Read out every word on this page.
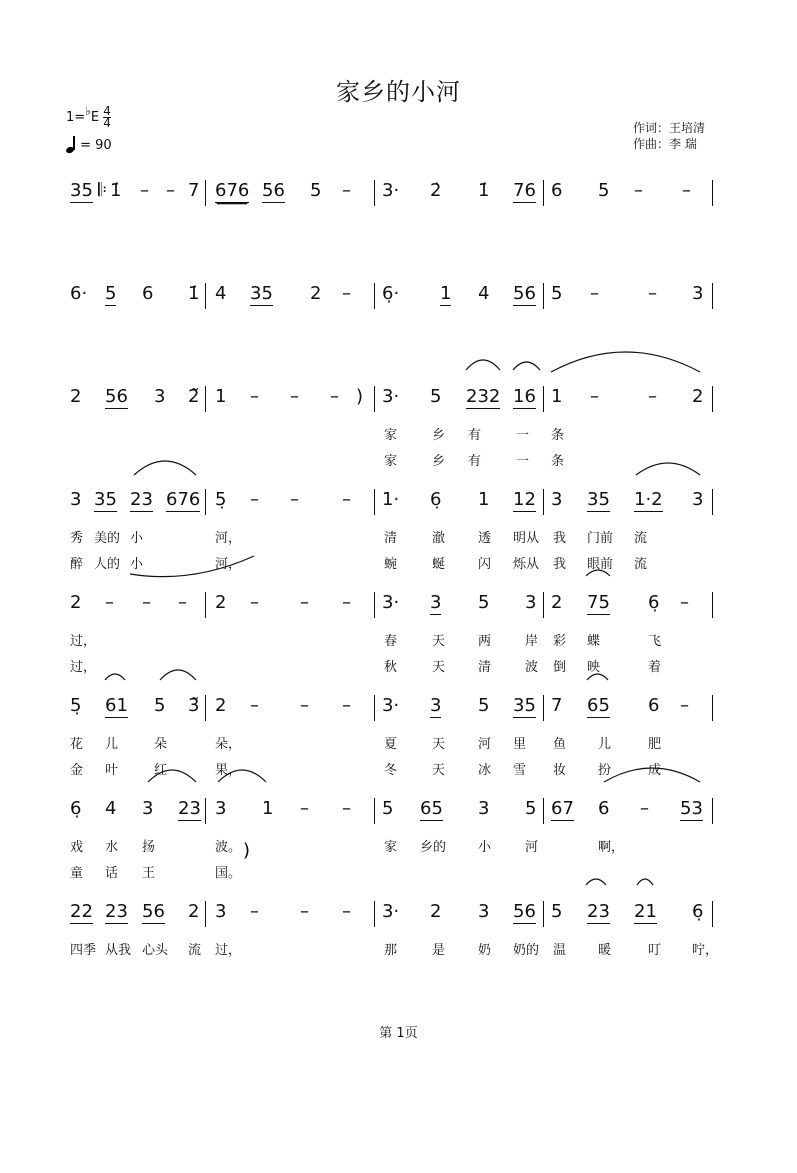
家乡的小河
1=♭E $\frac{4}{4}$
= 90
作词：王培清
作曲：李 瑞
35 𝄆 1̇ – – 7 676 56 5 – 3· 2̇ 1̇ 76 6 5 – –
6· 5 6 1̇ 4 35 2 – 6̣· 1 4 56 5 –	– 3
2 56 3 2̃ 1 – – – ) 3· 5 232 16 1 –	– 2
家	乡 有	一 条
家	乡 有	一 条
3 35 23 676 5̣ – – – 1· 6̣ 1 12 3 35 1·2 3
秀 美的 小	河，	清	澈	透 明从 我 门前 流
醉 人的 小	河，	蜿	蜒	闪 烁从 我 眼前 流
2 – – – 2 – – – 3· 3 5 3 2 75 6̣ –
过，	春	天	两	岸 彩 蝶	飞
过，	秋	天	清	波 倒 映	着
5̣ 61 5 3̃ 2 – – – 3· 3 5 35 7 65 6 –
花 儿	朵	朵，	夏	天	河 里 鱼 儿	肥
金 叶	红	果，	冬	天	冰 雪 妆 扮	成
6̣ 4 3 23 3 1 – – 5 65 3 5 67 6 – 53
戏 水 扬	波。	家 乡的 小	河	啊，
童 话 王	国。
22 23 56 2 3 – – – 3· 2 3 56 5 23 21 6̣
四季 从我 心头 流 过，	那	是	奶 奶的 温 暖	叮 咛，
第 1页
)
